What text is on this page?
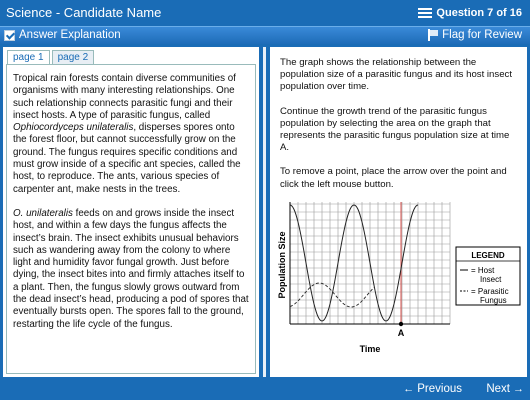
Science - Candidate Name	Question 7 of 16
Answer Explanation	Flag for Review
page 1	page 2

Tropical rain forests contain diverse communities of organisms with many interesting relationships. One such relationship connects parasitic fungi and their insect hosts. A type of parasitic fungus, called Ophiocordyceps unilateralis, disperses spores onto the forest floor, but cannot successfully grow on the ground. The fungus requires specific conditions and must grow inside of a specific ant species, called the host, to reproduce. The ants, various species of carpenter ant, make nests in the trees.

O. unilateralis feeds on and grows inside the insect host, and within a few days the fungus affects the insect’s brain. The insect exhibits unusual behaviors such as wandering away from the colony to where light and humidity favor fungal growth. Just before dying, the insect bites into and firmly attaches itself to a plant. Then, the fungus slowly grows outward from the dead insect’s head, producing a pod of spores that eventually bursts open. The spores fall to the ground, restarting the life cycle of the fungus.

The graph shows the relationship between the population size of a parasitic fungus and its host insect population over time.

Continue the growth trend of the parasitic fungus population by selecting the area on the graph that represents the parasitic fungus population size at time A.

To remove a point, place the arrow over the point and click the left mouse button.

Population Size
A
Time
LEGEND
= Host
Insect
= Parasitic
Fungus
← Previous Next →
